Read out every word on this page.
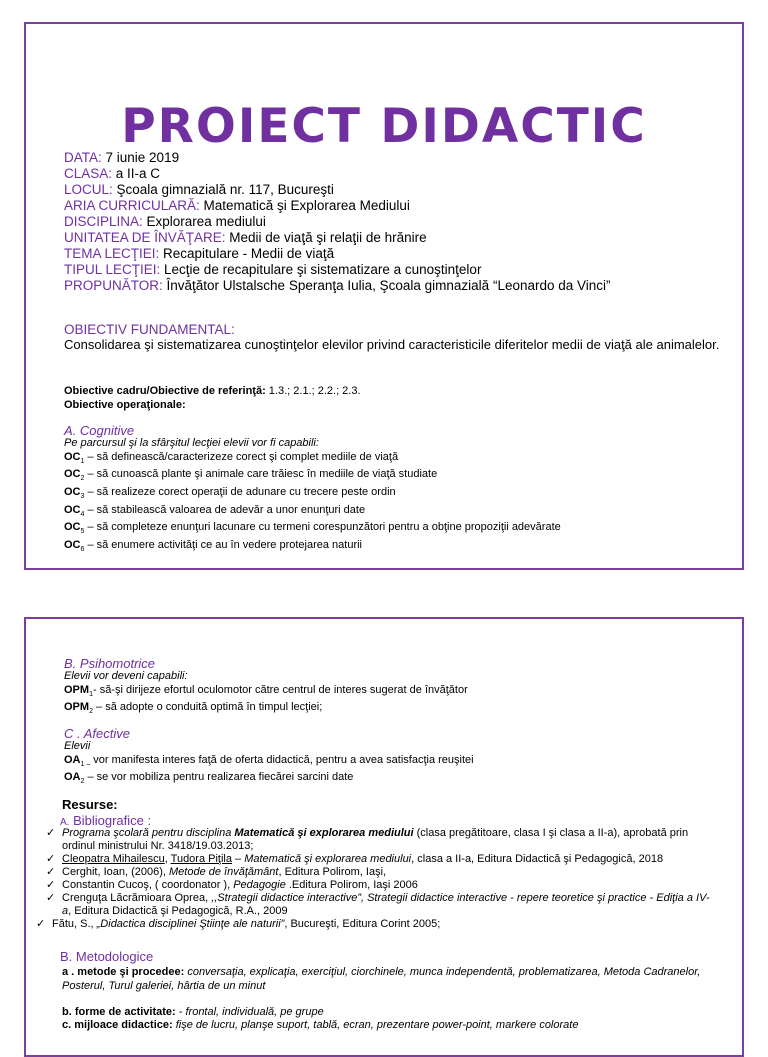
PROIECT DIDACTIC
DATA: 7 iunie 2019
CLASA: a II-a C
LOCUL: Şcoala gimnazială nr. 117, Bucureşti
ARIA CURRICULARĂ: Matematică şi Explorarea Mediului
DISCIPLINA: Explorarea mediului
UNITATEA DE ÎNVĂŢARE: Medii de viaţă şi relaţii de hrănire
TEMA LECŢIEI: Recapitulare - Medii de viaţă
TIPUL LECŢIEI: Lecţie de recapitulare şi sistematizare a cunoştinţelor
PROPUNĂTOR: Învăţător Ulstalsche Speranţa Iulia, Şcoala gimnazială “Leonardo da Vinci”
OBIECTIV FUNDAMENTAL:
Consolidarea şi sistematizarea cunoştinţelor elevilor privind caracteristicile diferitelor medii de viaţă ale animalelor.
Obiective cadru/Obiective de referinţă: 1.3.; 2.1.; 2.2.; 2.3.
Obiective operaţionale:
A. Cognitive
Pe parcursul şi la sfârşitul lecţiei elevii vor fi capabili:
$OC_1$ – să definească/caracterizeze corect şi complet mediile de viaţă
$OC_2$ – să cunoască plante şi animale care trăiesc în mediile de viaţă studiate
$OC_3$ – să realizeze corect operaţii de adunare cu trecere peste ordin
$OC_4$ – să stabilească valoarea de adevăr a unor enunţuri date
$OC_5$ – să completeze enunţuri lacunare cu termeni corespunzători pentru a obţine propoziţii adevărate
$OC_6$ – să enumere activităţi ce au în vedere protejarea naturii
B. Psihomotrice
Elevii vor deveni capabili:
$OPM_1-$ să-şi dirijeze efortul oculomotor către centrul de interes sugerat de învăţător
$OPM_2$ – să adopte o conduită optimă în timpul lecţiei;
C . Afective
Elevii
$OA_{1 -}$ vor manifesta interes faţă de oferta didactică, pentru a avea satisfacţia reuşitei
$OA_2$ – se vor mobiliza pentru realizarea fiecărei sarcini date
Resurse:
A. Bibliografice :
✓ Programa şcolară pentru disciplina Matematică şi explorarea mediului (clasa pregătitoare, clasa I şi clasa a II-a), aprobată prin ordinul ministrului Nr. 3418/19.03.2013;
✓ Cleopatra Mihailescu, Tudora Piţila – Matematică şi explorarea mediului, clasa a II-a, Editura Didactică şi Pedagogică, 2018
✓ Cerghit, Ioan, (2006), Metode de învăţământ, Editura Polirom, Iaşi,
✓ Constantin Cucoş, ( coordonator ), Pedagogie .Editura Polirom, Iaşi 2006
✓ Crenguţa Lăcrămioara Oprea, ,,Strategii didactice interactive”, Strategii didactice interactive - repere teoretice şi practice - Ediţia a IV-a, Editura Didactică şi Pedagogică, R.A., 2009
✓ Fătu, S., „Didactica disciplinei Ştiinţe ale naturii”, Bucureşti, Editura Corint 2005;
B. Metodologice
a . metode şi procedee: conversaţia, explicaţia, exerciţiul, ciorchinele, munca independentă, problematizarea, Metoda Cadranelor, Posterul, Turul galeriei, hârtia de un minut
b. forme de activitate: - frontal, individuală, pe grupe
c. mijloace didactice: fişe de lucru, planşe suport, tablă, ecran, prezentare power-point, markere colorate
